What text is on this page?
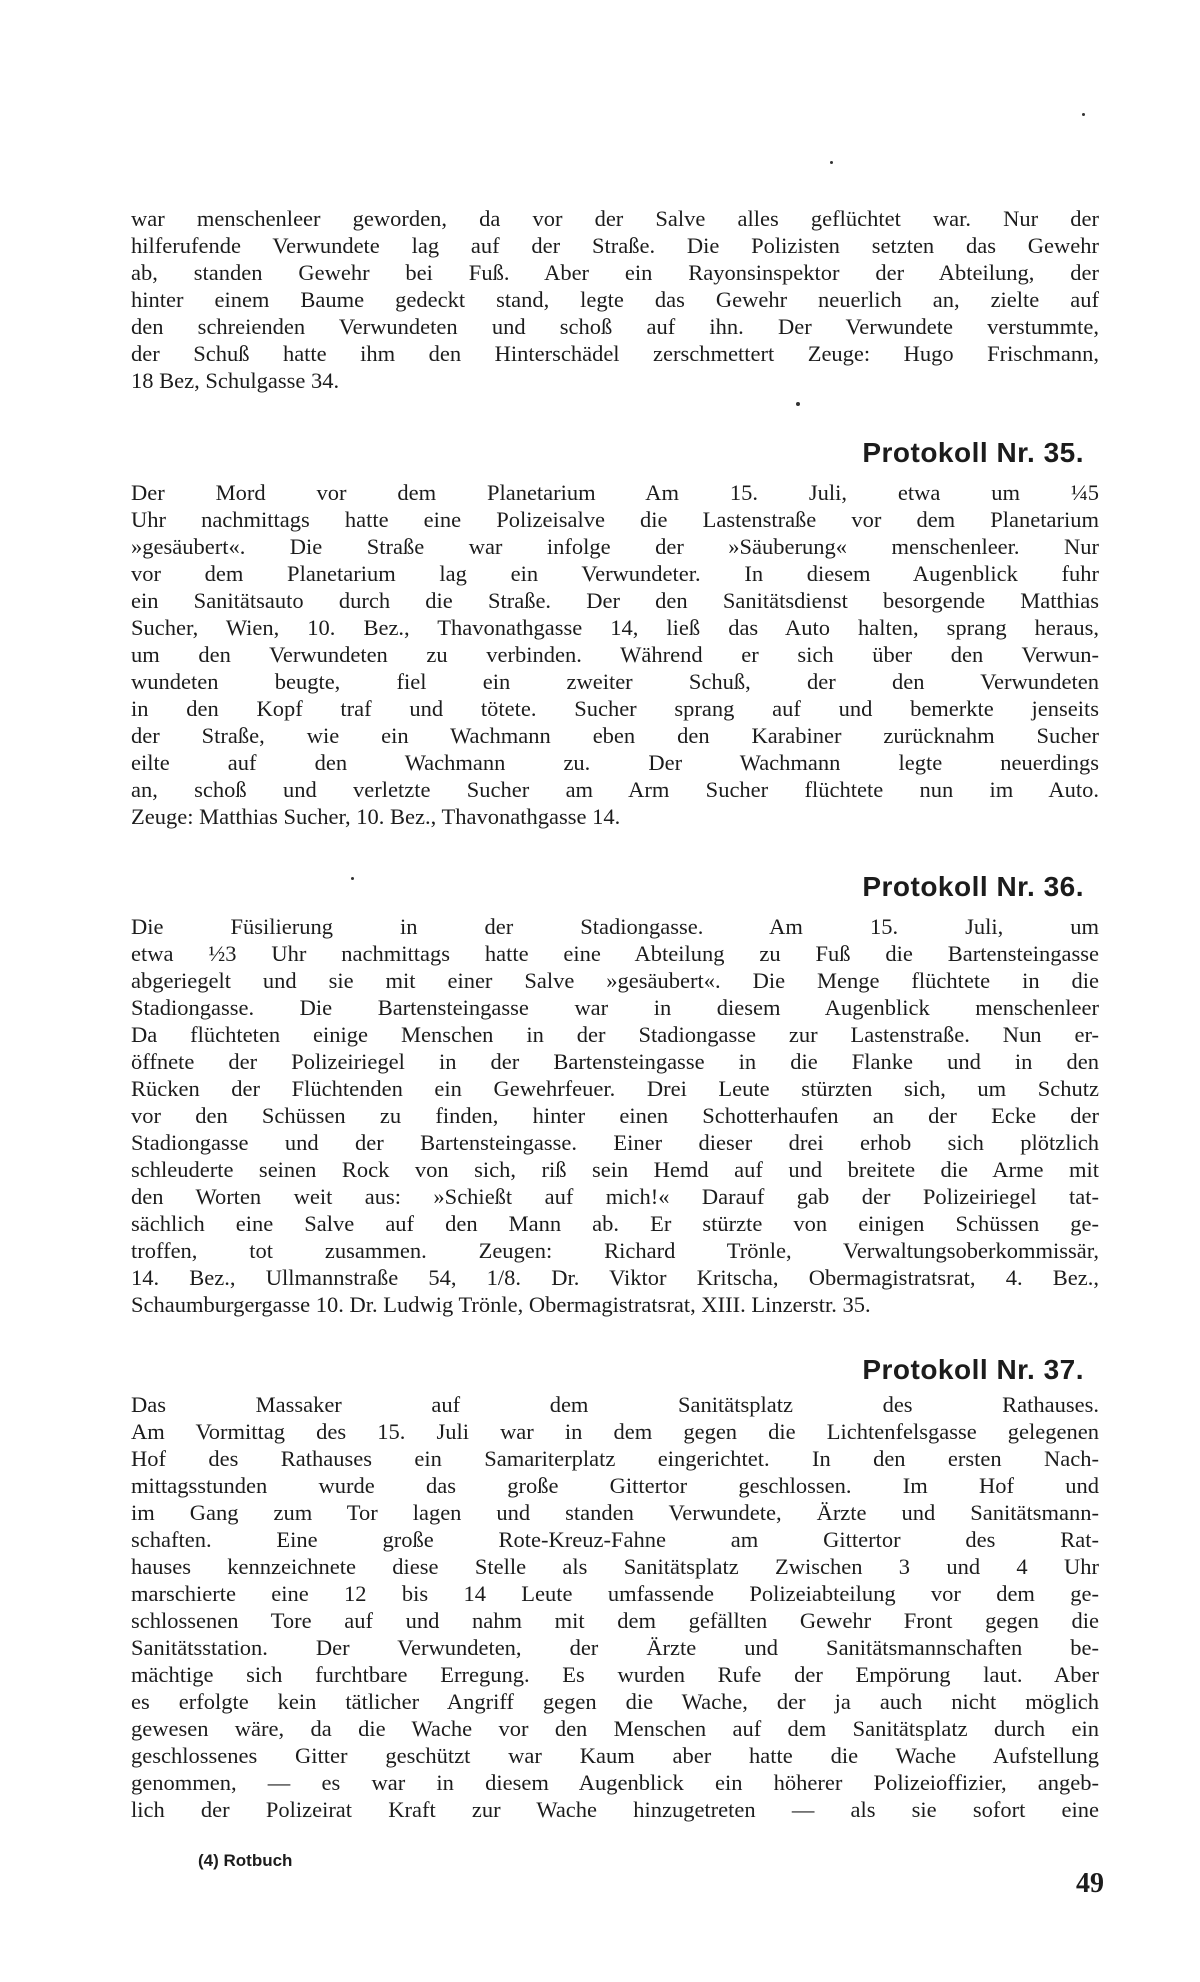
war menschenleer geworden, da vor der Salve alles geflüchtet war. Nur der
hilferufende Verwundete lag auf der Straße. Die Polizisten setzten das Gewehr
ab, standen Gewehr bei Fuß. Aber ein Rayonsinspektor der Abteilung, der
hinter einem Baume gedeckt stand, legte das Gewehr neuerlich an, zielte auf
den schreienden Verwundeten und schoß auf ihn. Der Verwundete verstummte,
der Schuß hatte ihm den Hinterschädel zerschmettert Zeuge: Hugo Frischmann,
18 Bez, Schulgasse 34.
Protokoll Nr. 35.
Der Mord vor dem Planetarium Am 15. Juli, etwa um ¼5
Uhr nachmittags hatte eine Polizeisalve die Lastenstraße vor dem Planetarium
»gesäubert«. Die Straße war infolge der »Säuberung« menschenleer. Nur
vor dem Planetarium lag ein Verwundeter. In diesem Augenblick fuhr
ein Sanitätsauto durch die Straße. Der den Sanitätsdienst besorgende Matthias
Sucher, Wien, 10. Bez., Thavonathgasse 14, ließ das Auto halten, sprang heraus,
um den Verwundeten zu verbinden. Während er sich über den Verwun-
wundeten beugte, fiel ein zweiter Schuß, der den Verwundeten
in den Kopf traf und tötete. Sucher sprang auf und bemerkte jenseits
der Straße, wie ein Wachmann eben den Karabiner zurücknahm Sucher
eilte auf den Wachmann zu. Der Wachmann legte neuerdings
an, schoß und verletzte Sucher am Arm Sucher flüchtete nun im Auto.
Zeuge: Matthias Sucher, 10. Bez., Thavonathgasse 14.
Protokoll Nr. 36.
Die Füsilierung in der Stadiongasse. Am 15. Juli, um
etwa ½3 Uhr nachmittags hatte eine Abteilung zu Fuß die Bartensteingasse
abgeriegelt und sie mit einer Salve »gesäubert«. Die Menge flüchtete in die
Stadiongasse. Die Bartensteingasse war in diesem Augenblick menschenleer
Da flüchteten einige Menschen in der Stadiongasse zur Lastenstraße. Nun er-
öffnete der Polizeiriegel in der Bartensteingasse in die Flanke und in den
Rücken der Flüchtenden ein Gewehrfeuer. Drei Leute stürzten sich, um Schutz
vor den Schüssen zu finden, hinter einen Schotterhaufen an der Ecke der
Stadiongasse und der Bartensteingasse. Einer dieser drei erhob sich plötzlich
schleuderte seinen Rock von sich, riß sein Hemd auf und breitete die Arme mit
den Worten weit aus: »Schießt auf mich!« Darauf gab der Polizeiriegel tat-
sächlich eine Salve auf den Mann ab. Er stürzte von einigen Schüssen ge-
troffen, tot zusammen. Zeugen: Richard Trönle, Verwaltungsoberkommissär,
14. Bez., Ullmannstraße 54, 1/8. Dr. Viktor Kritscha, Obermagistratsrat, 4. Bez.,
Schaumburgergasse 10. Dr. Ludwig Trönle, Obermagistratsrat, XIII. Linzerstr. 35.
Protokoll Nr. 37.
Das Massaker auf dem Sanitätsplatz des Rathauses.
Am Vormittag des 15. Juli war in dem gegen die Lichtenfelsgasse gelegenen
Hof des Rathauses ein Samariterplatz eingerichtet. In den ersten Nach-
mittagsstunden wurde das große Gittertor geschlossen. Im Hof und
im Gang zum Tor lagen und standen Verwundete, Ärzte und Sanitätsmann-
schaften. Eine große Rote-Kreuz-Fahne am Gittertor des Rat-
hauses kennzeichnete diese Stelle als Sanitätsplatz Zwischen 3 und 4 Uhr
marschierte eine 12 bis 14 Leute umfassende Polizeiabteilung vor dem ge-
schlossenen Tore auf und nahm mit dem gefällten Gewehr Front gegen die
Sanitätsstation. Der Verwundeten, der Ärzte und Sanitätsmannschaften be-
mächtige sich furchtbare Erregung. Es wurden Rufe der Empörung laut. Aber
es erfolgte kein tätlicher Angriff gegen die Wache, der ja auch nicht möglich
gewesen wäre, da die Wache vor den Menschen auf dem Sanitätsplatz durch ein
geschlossenes Gitter geschützt war Kaum aber hatte die Wache Aufstellung
genommen, — es war in diesem Augenblick ein höherer Polizeioffizier, angeb-
lich der Polizeirat Kraft zur Wache hinzugetreten — als sie sofort eine
(4) Rotbuch
49
